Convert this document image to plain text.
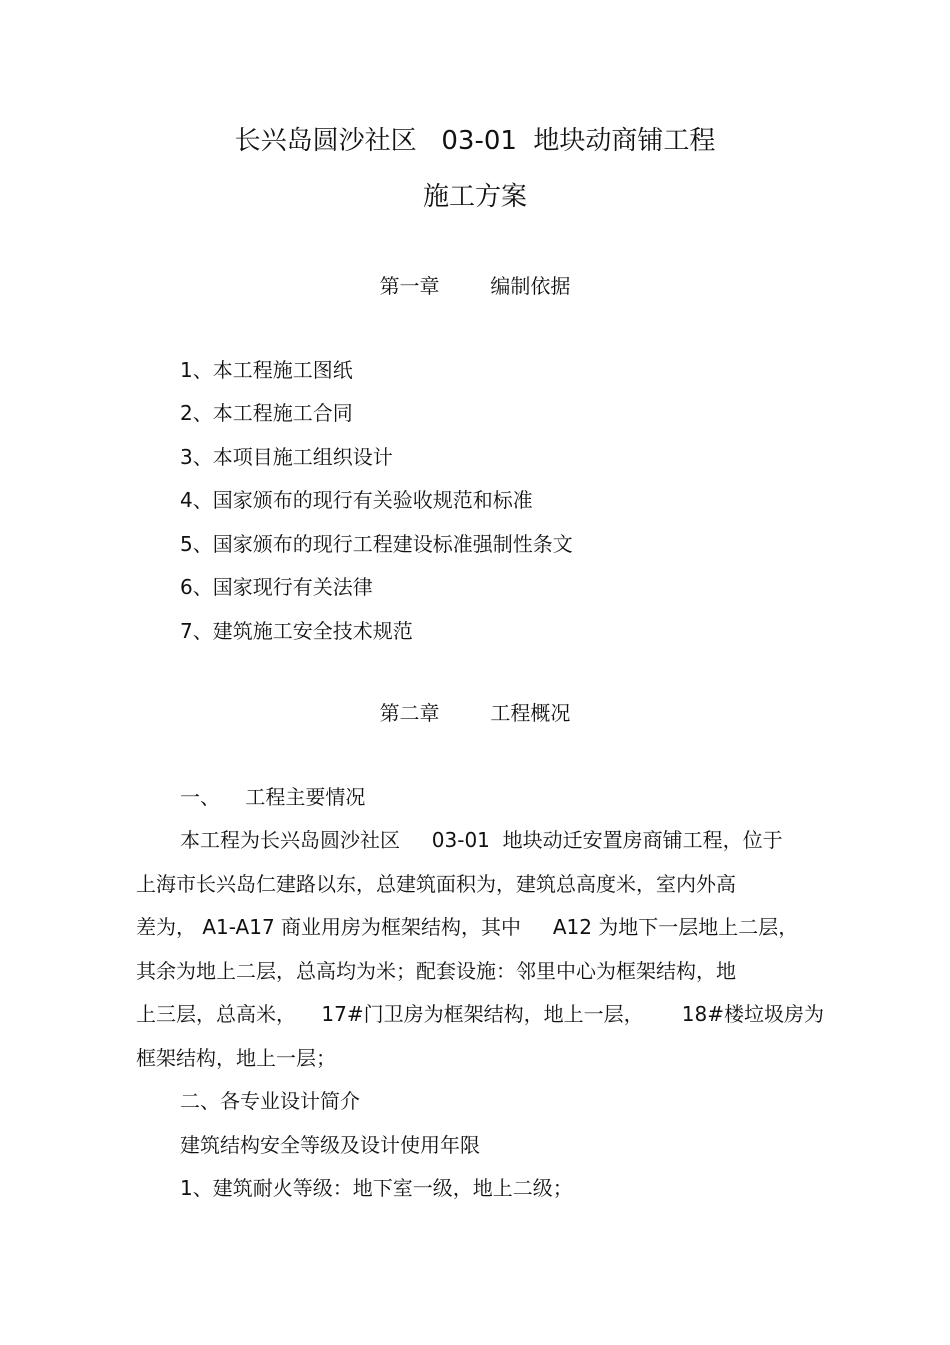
长兴岛圆沙社区   03-01  地块动商铺工程
施工方案
第一章        编制依据
1、本工程施工图纸
2、本工程施工合同
3、本项目施工组织设计
4、国家颁布的现行有关验收规范和标准
5、国家颁布的现行工程建设标准强制性条文
6、国家现行有关法律
7、建筑施工安全技术规范
第二章        工程概况
一、    工程主要情况
本工程为长兴岛圆沙社区     03-01  地块动迁安置房商铺工程，位于
上海市长兴岛仁建路以东，总建筑面积为，建筑总高度米，室内外高
差为， A1-A17 商业用房为框架结构，其中     A12 为地下一层地上二层，
其余为地上二层，总高均为米；配套设施：邻里中心为框架结构，地
上三层，总高米，    17#门卫房为框架结构，地上一层，      18#楼垃圾房为
框架结构，地上一层；
二、各专业设计简介
建筑结构安全等级及设计使用年限
1、建筑耐火等级：地下室一级，地上二级；
